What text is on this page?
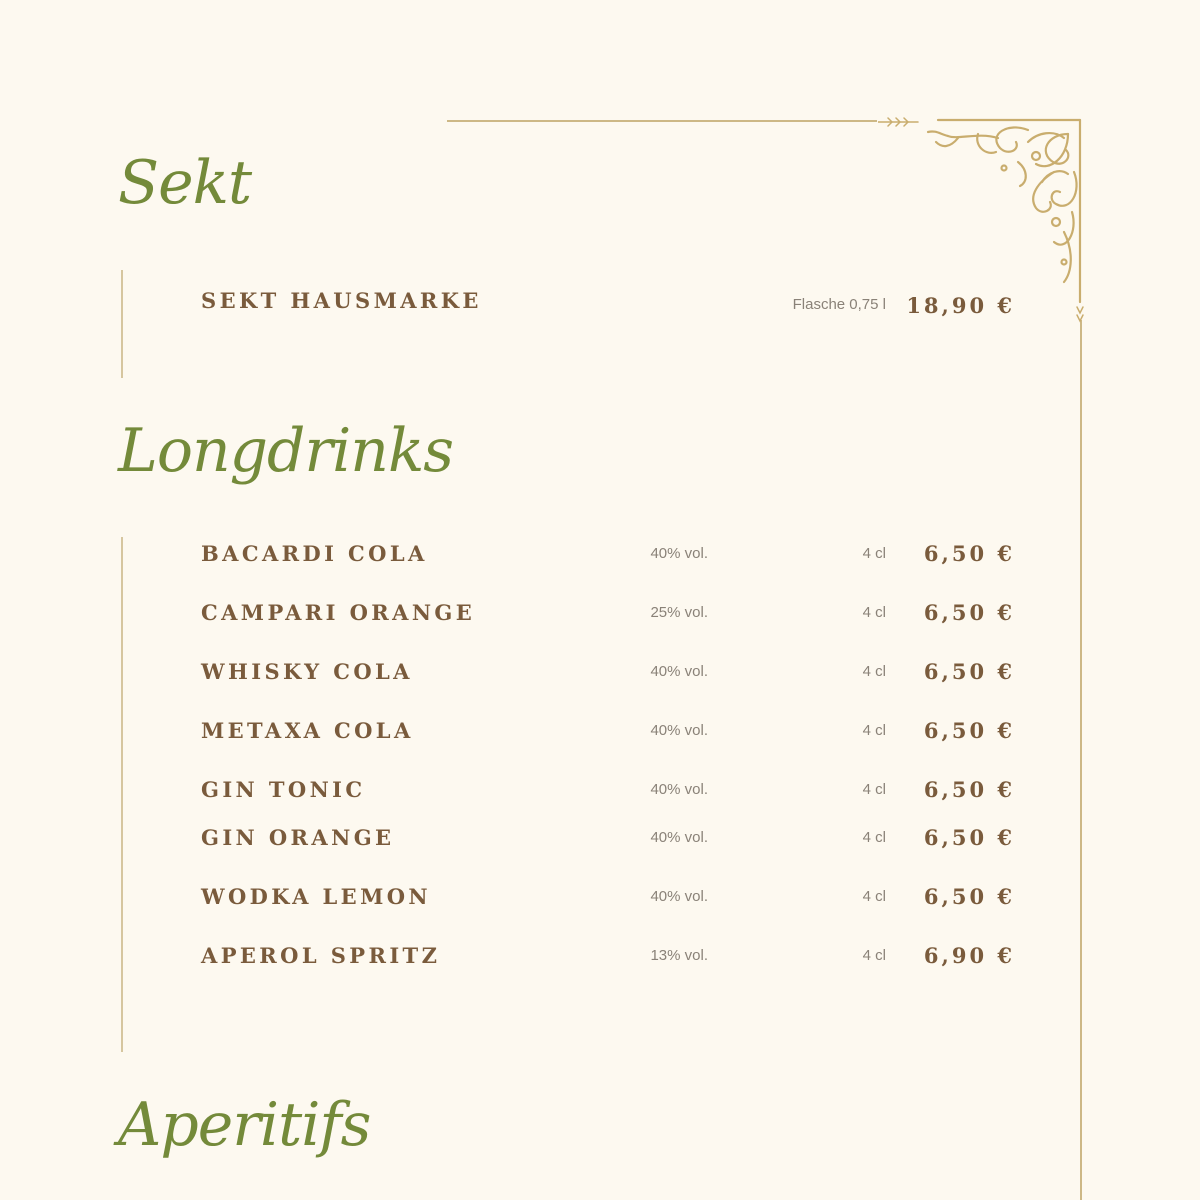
Sekt
SEKT HAUSMARKE	Flasche 0,75 l 18,90 €
Longdrinks
BACARDI COLA	40% vol.	4 cl 6,50 €
CAMPARI ORANGE	25% vol.	4 cl 6,50 €
WHISKY COLA	40% vol.	4 cl 6,50 €
METAXA COLA	40% vol.	4 cl 6,50 €
GIN TONIC	40% vol.	4 cl 6,50 €
GIN ORANGE	40% vol.	4 cl 6,50 €
WODKA LEMON	40% vol.	4 cl 6,50 €
APEROL SPRITZ	13% vol.	4 cl 6,90 €
Aperitifs
